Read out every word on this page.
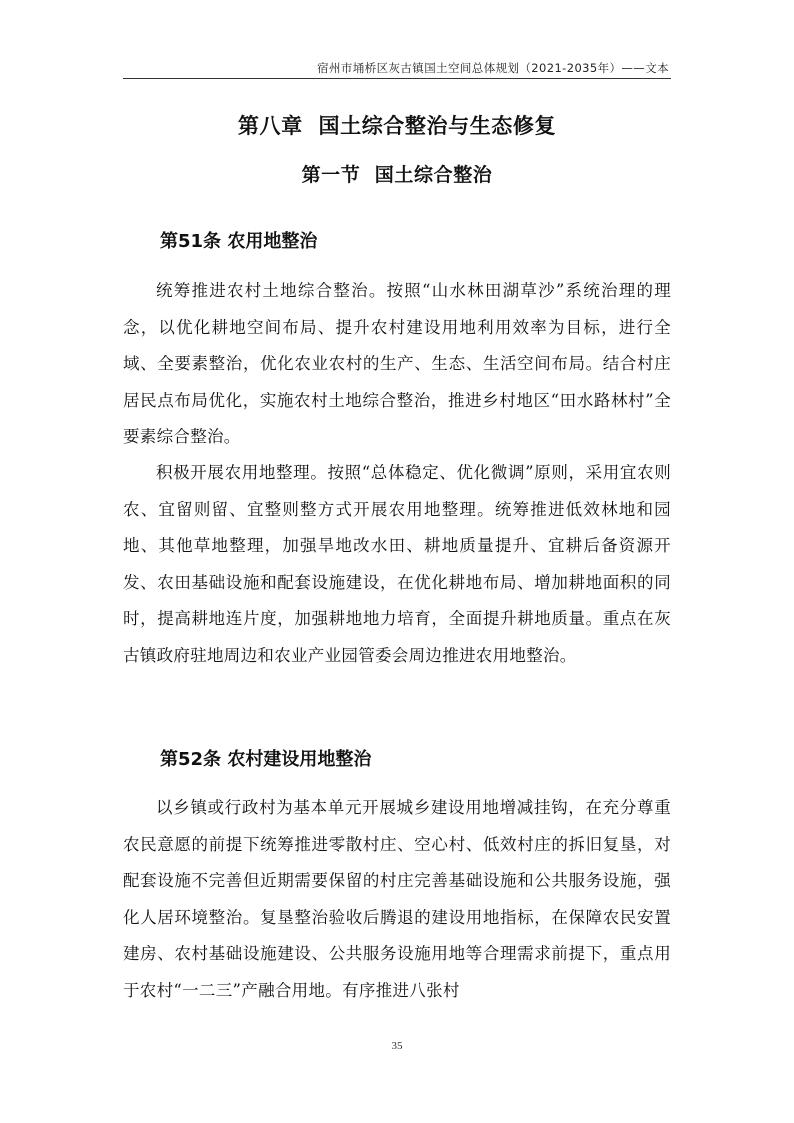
宿州市埇桥区灰古镇国土空间总体规划（2021-2035年）——文本
第八章  国土综合整治与生态修复
第一节  国土综合整治
第51条 农用地整治

统筹推进农村土地综合整治。按照“山水林田湖草沙”系统治理的理念，以优化耕地空间布局、提升农村建设用地利用效率为目标，进行全域、全要素整治，优化农业农村的生产、生态、生活空间布局。结合村庄居民点布局优化，实施农村土地综合整治，推进乡村地区“田水路林村”全要素综合整治。

积极开展农用地整理。按照“总体稳定、优化微调”原则，采用宜农则农、宜留则留、宜整则整方式开展农用地整理。统筹推进低效林地和园地、其他草地整理，加强旱地改水田、耕地质量提升、宜耕后备资源开发、农田基础设施和配套设施建设，在优化耕地布局、增加耕地面积的同时，提高耕地连片度，加强耕地地力培育，全面提升耕地质量。重点在灰古镇政府驻地周边和农业产业园管委会周边推进农用地整治。

第52条 农村建设用地整治

以乡镇或行政村为基本单元开展城乡建设用地增减挂钩，在充分尊重农民意愿的前提下统筹推进零散村庄、空心村、低效村庄的拆旧复垦，对配套设施不完善但近期需要保留的村庄完善基础设施和公共服务设施，强化人居环境整治。复垦整治验收后腾退的建设用地指标，在保障农民安置建房、农村基础设施建设、公共服务设施用地等合理需求前提下，重点用于农村“一二三”产融合用地。有序推进八张村

35
